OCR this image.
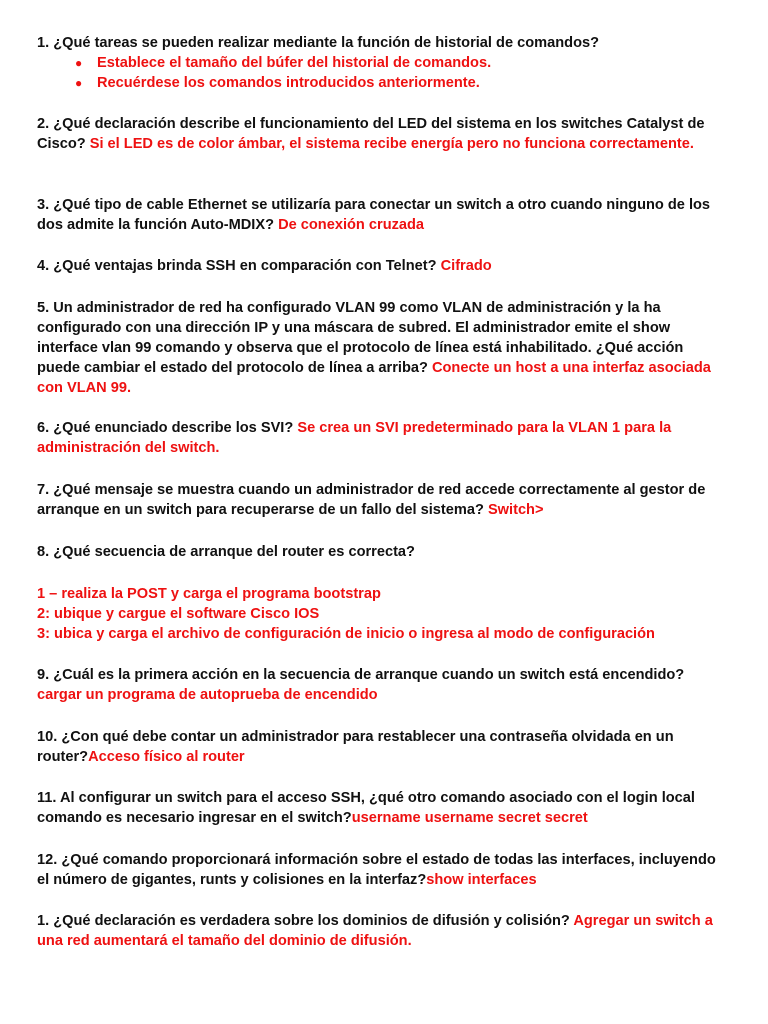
1. ¿Qué tareas se pueden realizar mediante la función de historial de comandos?
● Establece el tamaño del búfer del historial de comandos.
● Recuérdese los comandos introducidos anteriormente.
2. ¿Qué declaración describe el funcionamiento del LED del sistema en los switches Catalyst de Cisco? Si el LED es de color ámbar, el sistema recibe energía pero no funciona correctamente.
3. ¿Qué tipo de cable Ethernet se utilizaría para conectar un switch a otro cuando ninguno de los dos admite la función Auto-MDIX? De conexión cruzada
4. ¿Qué ventajas brinda SSH en comparación con Telnet? Cifrado
5. Un administrador de red ha configurado VLAN 99 como VLAN de administración y la ha configurado con una dirección IP y una máscara de subred. El administrador emite el show interface vlan 99 comando y observa que el protocolo de línea está inhabilitado. ¿Qué acción puede cambiar el estado del protocolo de línea a arriba? Conecte un host a una interfaz asociada con VLAN 99.
6. ¿Qué enunciado describe los SVI? Se crea un SVI predeterminado para la VLAN 1 para la administración del switch.
7. ¿Qué mensaje se muestra cuando un administrador de red accede correctamente al gestor de arranque en un switch para recuperarse de un fallo del sistema? Switch>
8. ¿Qué secuencia de arranque del router es correcta?
1 – realiza la POST y carga el programa bootstrap
2: ubique y cargue el software Cisco IOS
3: ubica y carga el archivo de configuración de inicio o ingresa al modo de configuración
9. ¿Cuál es la primera acción en la secuencia de arranque cuando un switch está encendido?
cargar un programa de autoprueba de encendido
10. ¿Con qué debe contar un administrador para restablecer una contraseña olvidada en un router?Acceso físico al router
11. Al configurar un switch para el acceso SSH, ¿qué otro comando asociado con el login local comando es necesario ingresar en el switch?username username secret secret
12. ¿Qué comando proporcionará información sobre el estado de todas las interfaces, incluyendo el número de gigantes, runts y colisiones en la interfaz?show interfaces
1. ¿Qué declaración es verdadera sobre los dominios de difusión y colisión? Agregar un switch a una red aumentará el tamaño del dominio de difusión.
